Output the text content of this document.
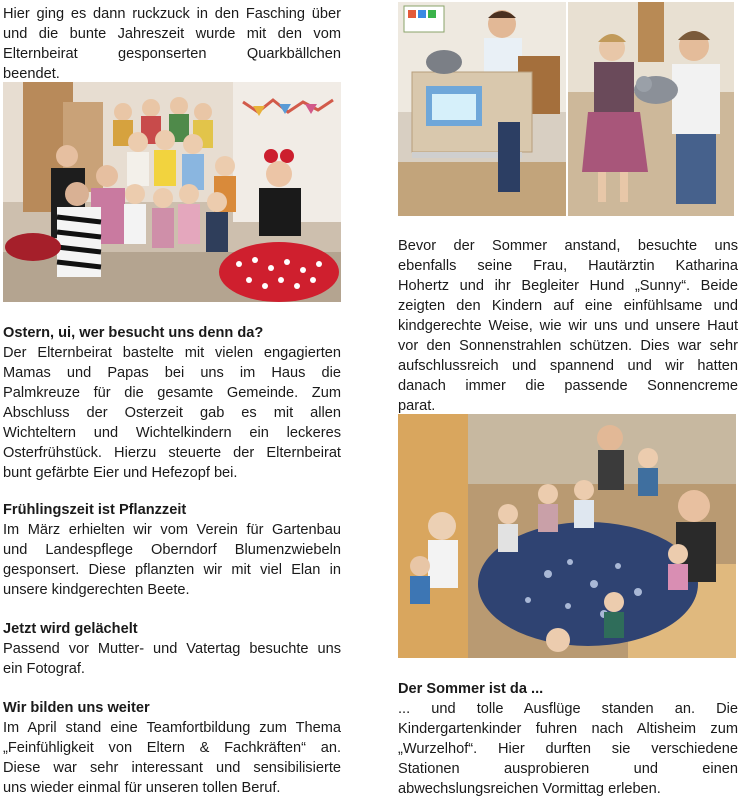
Hier ging es dann ruckzuck in den Fasching über

und die bunte Jahreszeit wurde mit den vom

Elternbeirat gesponserten Quarkbällchen

beendet.

Ostern, ui, wer besucht uns denn da?

Der Elternbeirat bastelte mit vielen engagierten

Mamas und Papas bei uns im Haus die

Palmkreuze für die gesamte Gemeinde. Zum

Abschluss der Osterzeit gab es mit allen

Wichteltern und Wichtelkindern ein leckeres

Osterfrühstück. Hierzu steuerte der Elternbeirat

bunt gefärbte Eier und Hefezopf bei.

Frühlingszeit ist Pflanzzeit

Im März erhielten wir vom Verein für Gartenbau

und Landespflege Oberndorf Blumenzwiebeln

gesponsert. Diese pflanzten wir mit viel Elan in

unsere kindgerechten Beete.

Jetzt wird gelächelt

Passend vor Mutter- und Vatertag besuchte uns

ein Fotograf.

Wir bilden uns weiter

Im April stand eine Teamfortbildung zum Thema

„Feinfühligkeit von Eltern & Fachkräften“ an.

Diese war sehr interessant und sensibilisierte

uns wieder einmal für unseren tollen Beruf.

Bevor der Sommer anstand, besuchte uns

ebenfalls seine Frau, Hautärztin Katharina

Hohertz und ihr Begleiter Hund „Sunny“. Beide

zeigten den Kindern auf eine einfühlsame und

kindgerechte Weise, wie wir uns und unsere Haut

vor den Sonnenstrahlen schützen. Dies war sehr

aufschlussreich und spannend und wir hatten

danach immer die passende Sonnencreme

parat.

Der Sommer ist da ...

... und tolle Ausflüge standen an. Die

Kindergartenkinder fuhren nach Altisheim zum

„Wurzelhof“. Hier durften sie verschiedene

Stationen ausprobieren und einen

abwechslungsreichen Vormittag erleben.
